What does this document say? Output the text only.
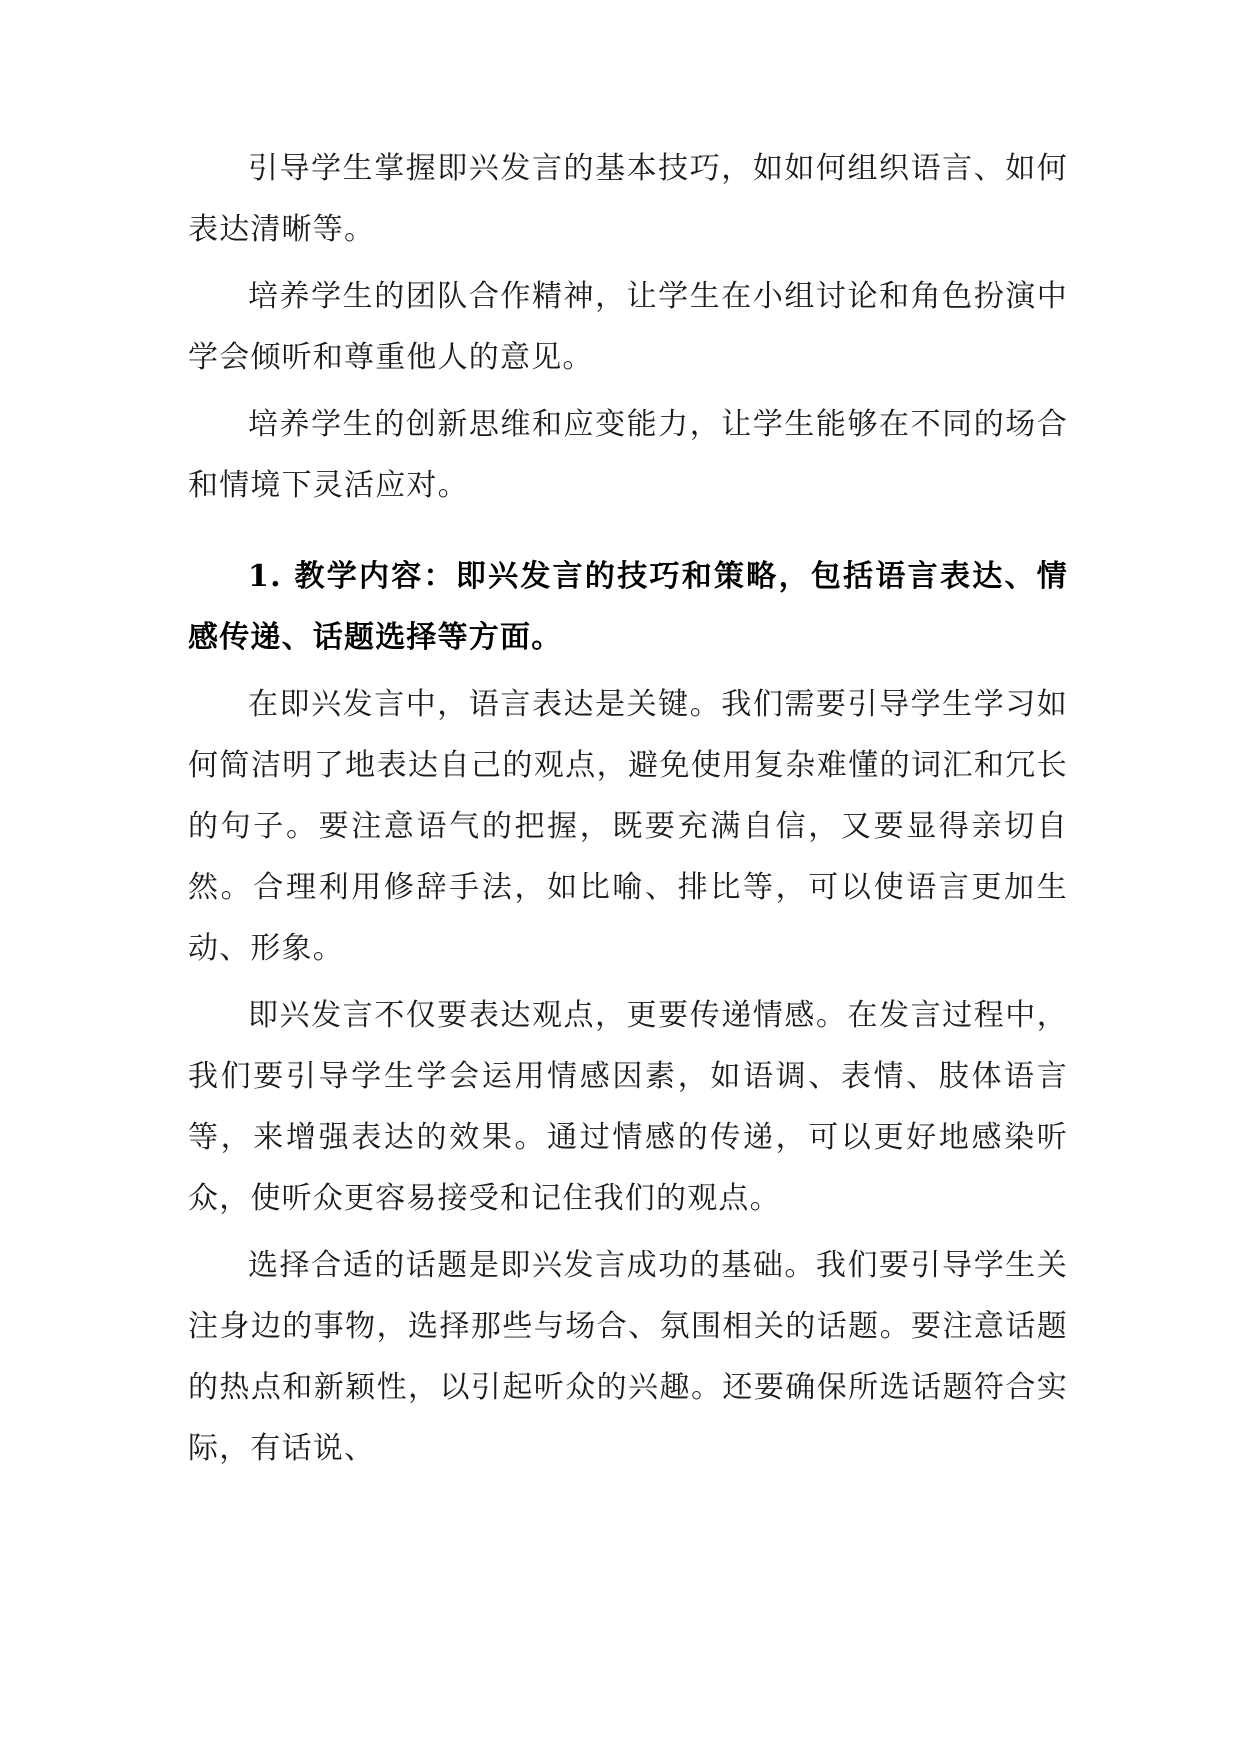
引导学生掌握即兴发言的基本技巧，如如何组织语言、如何表达清晰等。

培养学生的团队合作精神，让学生在小组讨论和角色扮演中学会倾听和尊重他人的意见。

培养学生的创新思维和应变能力，让学生能够在不同的场合和情境下灵活应对。

1. 教学内容：即兴发言的技巧和策略，包括语言表达、情感传递、话题选择等方面。

在即兴发言中，语言表达是关键。我们需要引导学生学习如何简洁明了地表达自己的观点，避免使用复杂难懂的词汇和冗长的句子。要注意语气的把握，既要充满自信，又要显得亲切自然。合理利用修辞手法，如比喻、排比等，可以使语言更加生动、形象。

即兴发言不仅要表达观点，更要传递情感。在发言过程中，我们要引导学生学会运用情感因素，如语调、表情、肢体语言等，来增强表达的效果。通过情感的传递，可以更好地感染听众，使听众更容易接受和记住我们的观点。

选择合适的话题是即兴发言成功的基础。我们要引导学生关注身边的事物，选择那些与场合、氛围相关的话题。要注意话题的热点和新颖性，以引起听众的兴趣。还要确保所选话题符合实际，有话说、
